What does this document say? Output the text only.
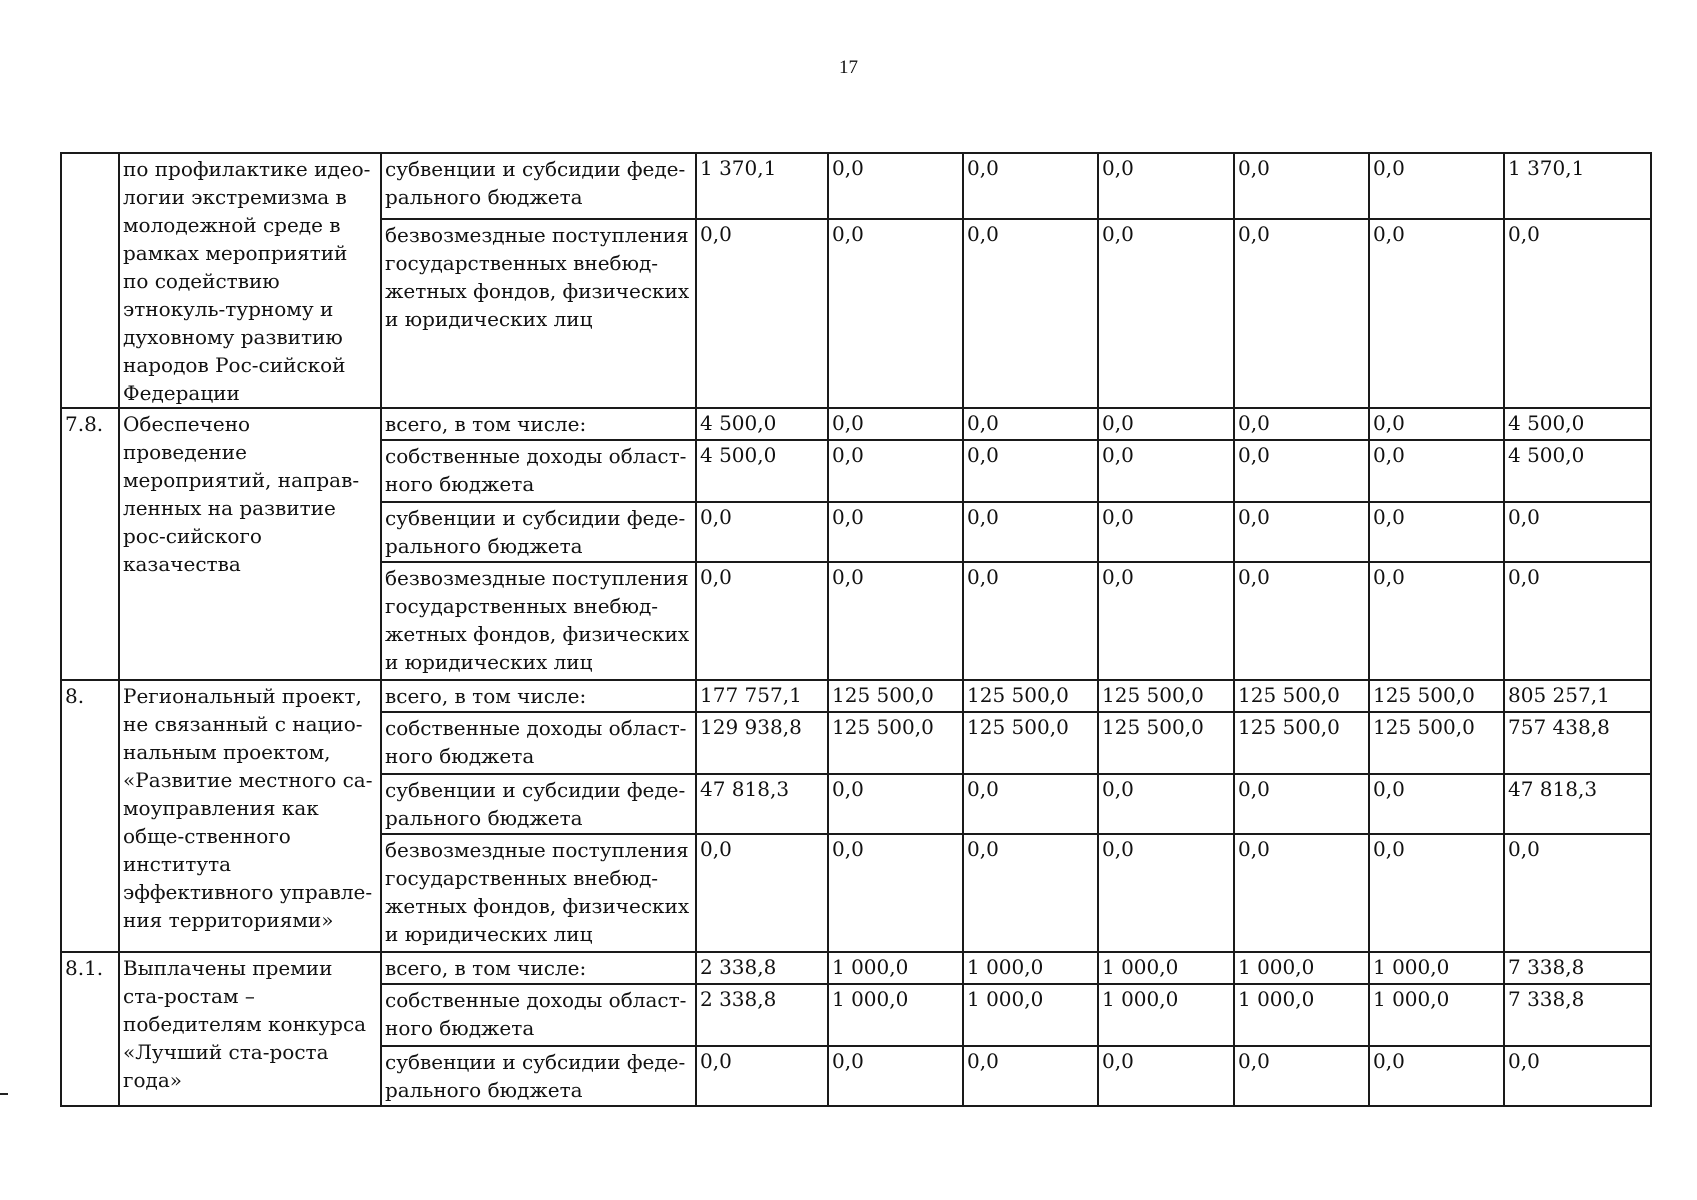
17
	по профилактике идео-логии экстремизма в молодежной среде в рамках мероприятий по содействию этнокуль-турному и духовному развитию народов Рос-сийской Федерации	субвенции и субсидии феде-рального бюджета	1 370,1	0,0	0,0	0,0	0,0	0,0	1 370,1
		безвозмездные поступления государственных внебюд-жетных фондов, физических и юридических лиц	0,0	0,0	0,0	0,0	0,0	0,0	0,0
7.8.	Обеспечено проведение мероприятий, направ-ленных на развитие рос-сийского казачества	всего, в том числе:	4 500,0	0,0	0,0	0,0	0,0	0,0	4 500,0
		собственные доходы област-ного бюджета	4 500,0	0,0	0,0	0,0	0,0	0,0	4 500,0
		субвенции и субсидии феде-рального бюджета	0,0	0,0	0,0	0,0	0,0	0,0	0,0
		безвозмездные поступления государственных внебюд-жетных фондов, физических и юридических лиц	0,0	0,0	0,0	0,0	0,0	0,0	0,0
8.	Региональный проект, не связанный с нацио-нальным проектом, «Развитие местного са-моуправления как обще-ственного института эффективного управле-ния территориями»	всего, в том числе:	177 757,1	125 500,0	125 500,0	125 500,0	125 500,0	125 500,0	805 257,1
		собственные доходы област-ного бюджета	129 938,8	125 500,0	125 500,0	125 500,0	125 500,0	125 500,0	757 438,8
		субвенции и субсидии феде-рального бюджета	47 818,3	0,0	0,0	0,0	0,0	0,0	47 818,3
		безвозмездные поступления государственных внебюд-жетных фондов, физических и юридических лиц	0,0	0,0	0,0	0,0	0,0	0,0	0,0
8.1.	Выплачены премии ста-ростам – победителям конкурса «Лучший ста-роста года»	всего, в том числе:	2 338,8	1 000,0	1 000,0	1 000,0	1 000,0	1 000,0	7 338,8
		собственные доходы област-ного бюджета	2 338,8	1 000,0	1 000,0	1 000,0	1 000,0	1 000,0	7 338,8
		субвенции и субсидии феде-рального бюджета	0,0	0,0	0,0	0,0	0,0	0,0	0,0
